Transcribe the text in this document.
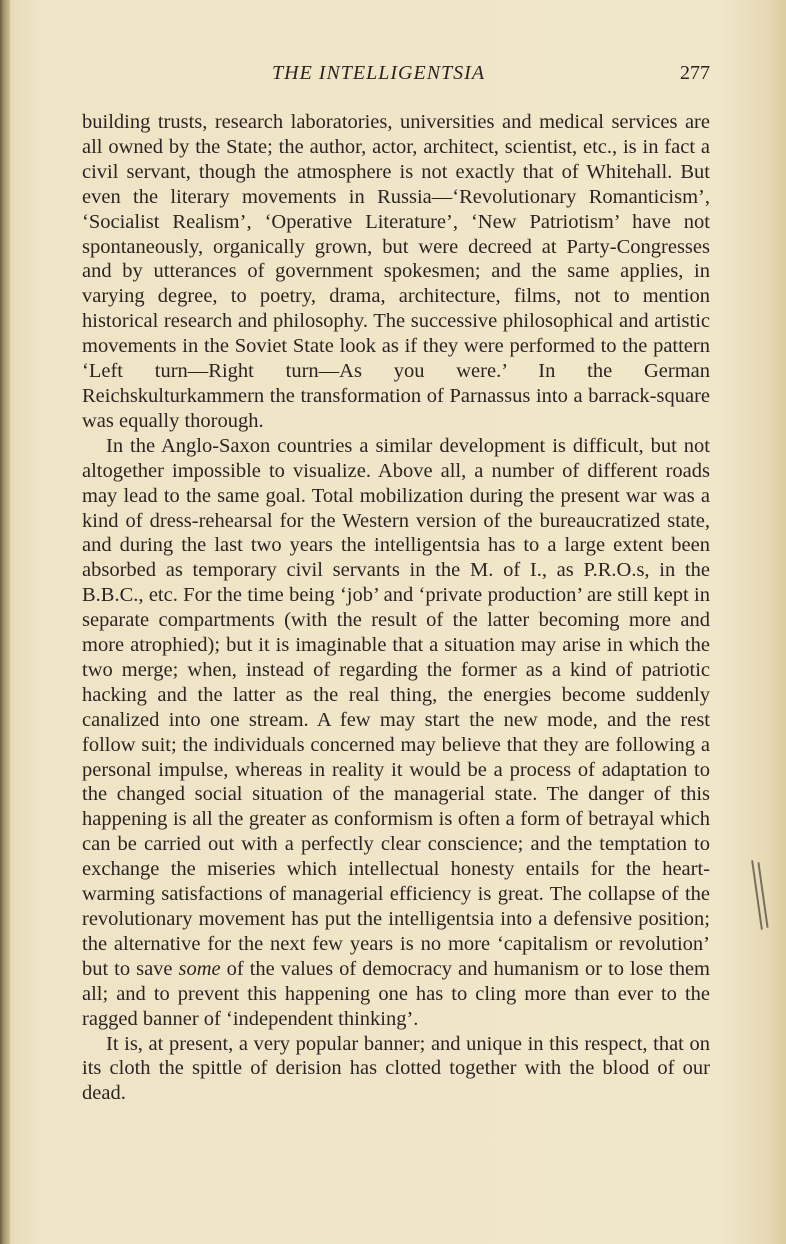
THE INTELLIGENTSIA	277

building trusts, research laboratories, universities and medical services are all owned by the State; the author, actor, architect, scientist, etc., is in fact a civil servant, though the atmosphere is not exactly that of Whitehall. But even the literary movements in Russia—‘Revolutionary Romanticism’, ‘Socialist Realism’, ‘Operative Literature’, ‘New Patriotism’ have not spontaneously, organically grown, but were decreed at Party-Congresses and by utterances of government spokesmen; and the same applies, in varying degree, to poetry, drama, architecture, films, not to mention historical research and philosophy. The successive philosophical and artistic movements in the Soviet State look as if they were performed to the pattern ‘Left turn—Right turn—As you were.’ In the German Reichskulturkammern the transformation of Parnassus into a barrack-square was equally thorough.

In the Anglo-Saxon countries a similar development is difficult, but not altogether impossible to visualize. Above all, a number of different roads may lead to the same goal. Total mobilization during the present war was a kind of dress-rehearsal for the Western version of the bureaucratized state, and during the last two years the intelligentsia has to a large extent been absorbed as temporary civil servants in the M. of I., as P.R.O.s, in the B.B.C., etc. For the time being ‘job’ and ‘private production’ are still kept in separate compartments (with the result of the latter becoming more and more atrophied); but it is imaginable that a situation may arise in which the two merge; when, instead of regarding the former as a kind of patriotic hacking and the latter as the real thing, the energies become suddenly canalized into one stream. A few may start the new mode, and the rest follow suit; the individuals concerned may believe that they are following a personal impulse, whereas in reality it would be a process of adaptation to the changed social situation of the managerial state. The danger of this happening is all the greater as conformism is often a form of betrayal which can be carried out with a perfectly clear conscience; and the temptation to exchange the miseries which intellectual honesty entails for the heart-warming satisfactions of managerial efficiency is great. The collapse of the revolutionary movement has put the intelligentsia into a defensive position; the alternative for the next few years is no more ‘capitalism or revolution’ but to save some of the values of democracy and humanism or to lose them all; and to prevent this happening one has to cling more than ever to the ragged banner of ‘independent thinking’.

It is, at present, a very popular banner; and unique in this respect, that on its cloth the spittle of derision has clotted together with the blood of our dead.
